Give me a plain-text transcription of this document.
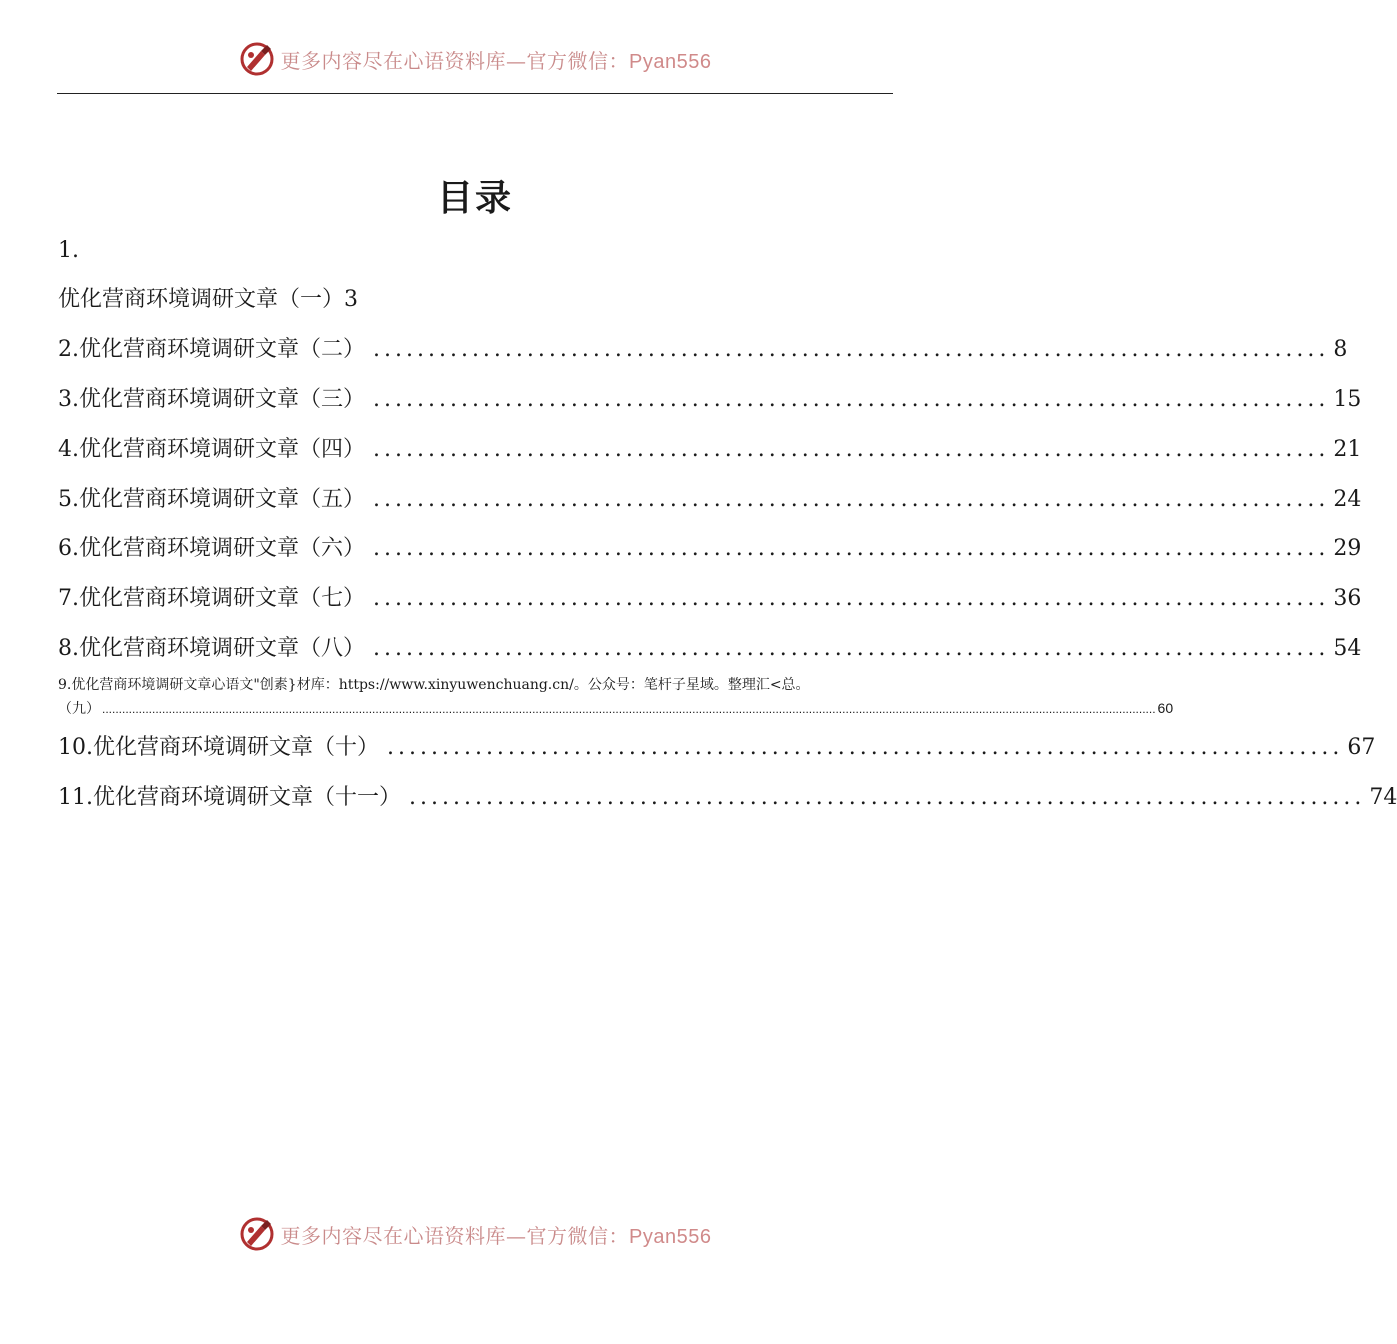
更多内容尽在心语资料库—官方微信：Pyan556
目录
1.
优化营商环境调研文章（一）3
2.优化营商环境调研文章（二） ....................................................................................... 8
3.优化营商环境调研文章（三） ....................................................................................... 15
4.优化营商环境调研文章（四） ....................................................................................... 21
5.优化营商环境调研文章（五） ....................................................................................... 24
6.优化营商环境调研文章（六） ....................................................................................... 29
7.优化营商环境调研文章（七） ....................................................................................... 36
8.优化营商环境调研文章（八） ....................................................................................... 54
9.优化营商环境调研文章心语文"创素}材库：https://www.xinyuwenchuang.cn/。公众号：笔杆子星域。整理汇<总。
（九） ............................................................................................................................................................................................................................................................................................................................ 60
10.优化营商环境调研文章（十） ....................................................................................... 67
11.优化营商环境调研文章（十一） ....................................................................................... 74
更多内容尽在心语资料库—官方微信：Pyan556
